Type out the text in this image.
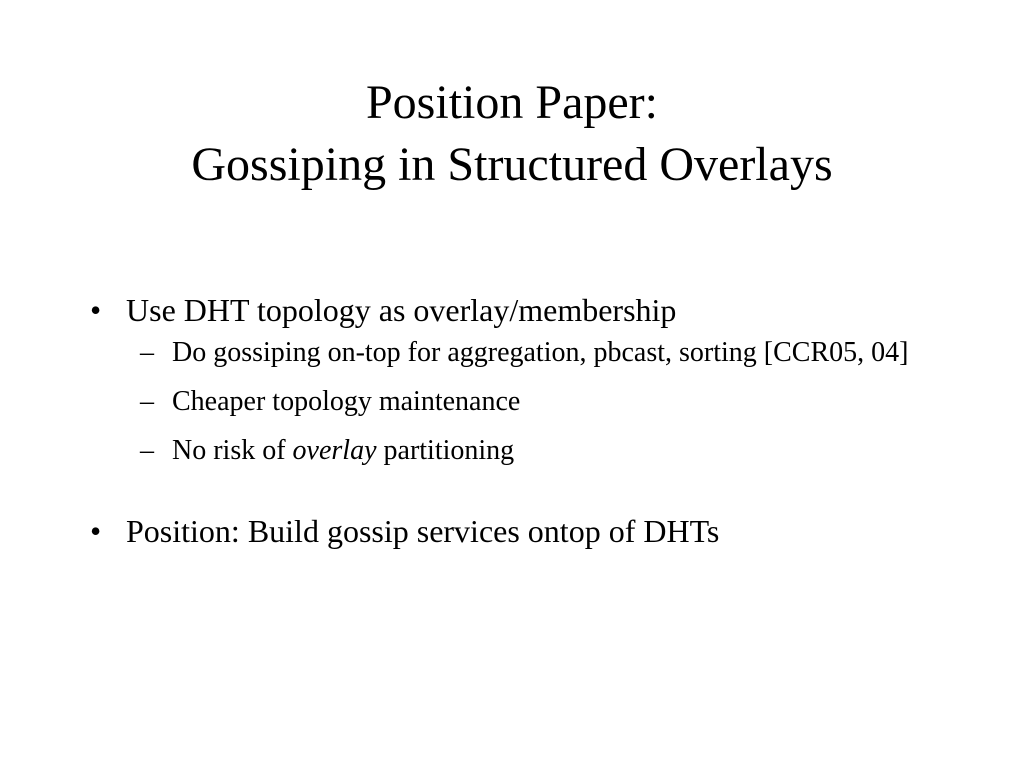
Position Paper:
Gossiping in Structured Overlays
• Use DHT topology as overlay/membership
– Do gossiping on-top for aggregation, pbcast, sorting [CCR05, 04]
– Cheaper topology maintenance
– No risk of overlay partitioning
• Position: Build gossip services ontop of DHTs
